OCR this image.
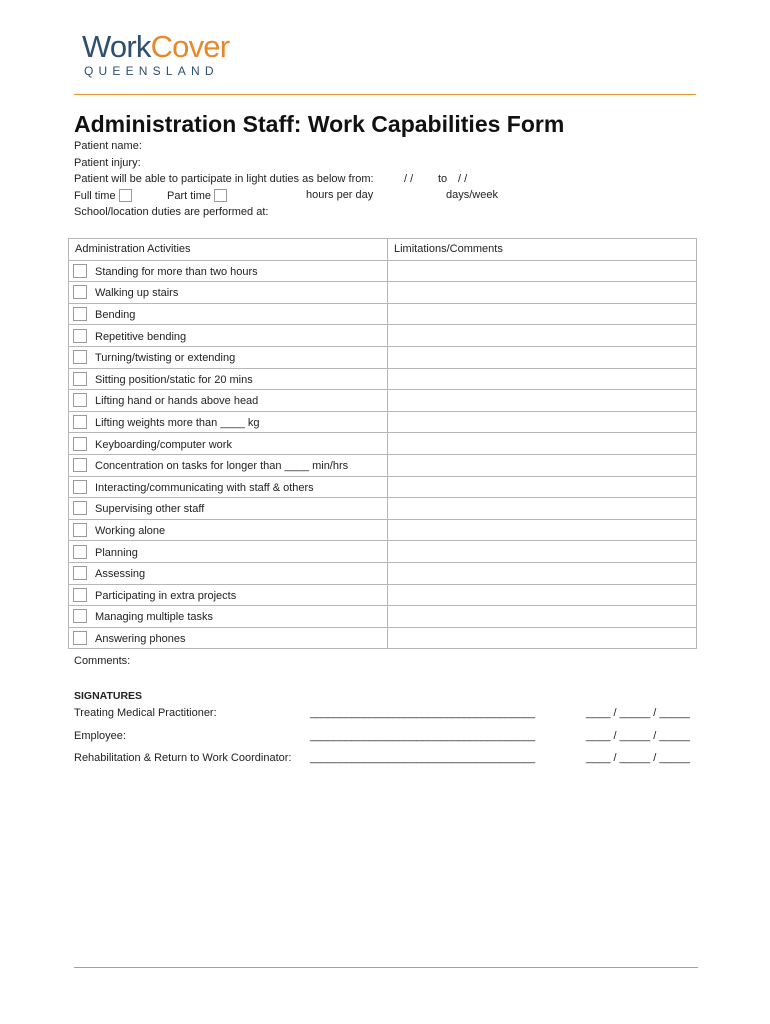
WorkCover
QUEENSLAND
Administration Staff: Work Capabilities Form
Patient name:
Patient injury:
Patient will be able to participate in light duties as below from:	/ / to / /
Full time	Part time	hours per day	days/week
School/location duties are performed at:
Administration Activities	Limitations/Comments
Standing for more than two hours	
Walking up stairs	
Bending	
Repetitive bending	
Turning/twisting or extending	
Sitting position/static for 20 mins	
Lifting hand or hands above head	
Lifting weights more than ____ kg	
Keyboarding/computer work	
Concentration on tasks for longer than ____ min/hrs	
Interacting/communicating with staff & others	
Supervising other staff	
Working alone	
Planning	
Assessing	
Participating in extra projects	
Managing multiple tasks	
Answering phones	
Comments:
SIGNATURES
Treating Medical Practitioner:	______________________________________	____ / _____ / _____
Employee:	______________________________________	____ / _____ / _____
Rehabilitation & Return to Work Coordinator: ______________________________________	____ / _____ / _____
